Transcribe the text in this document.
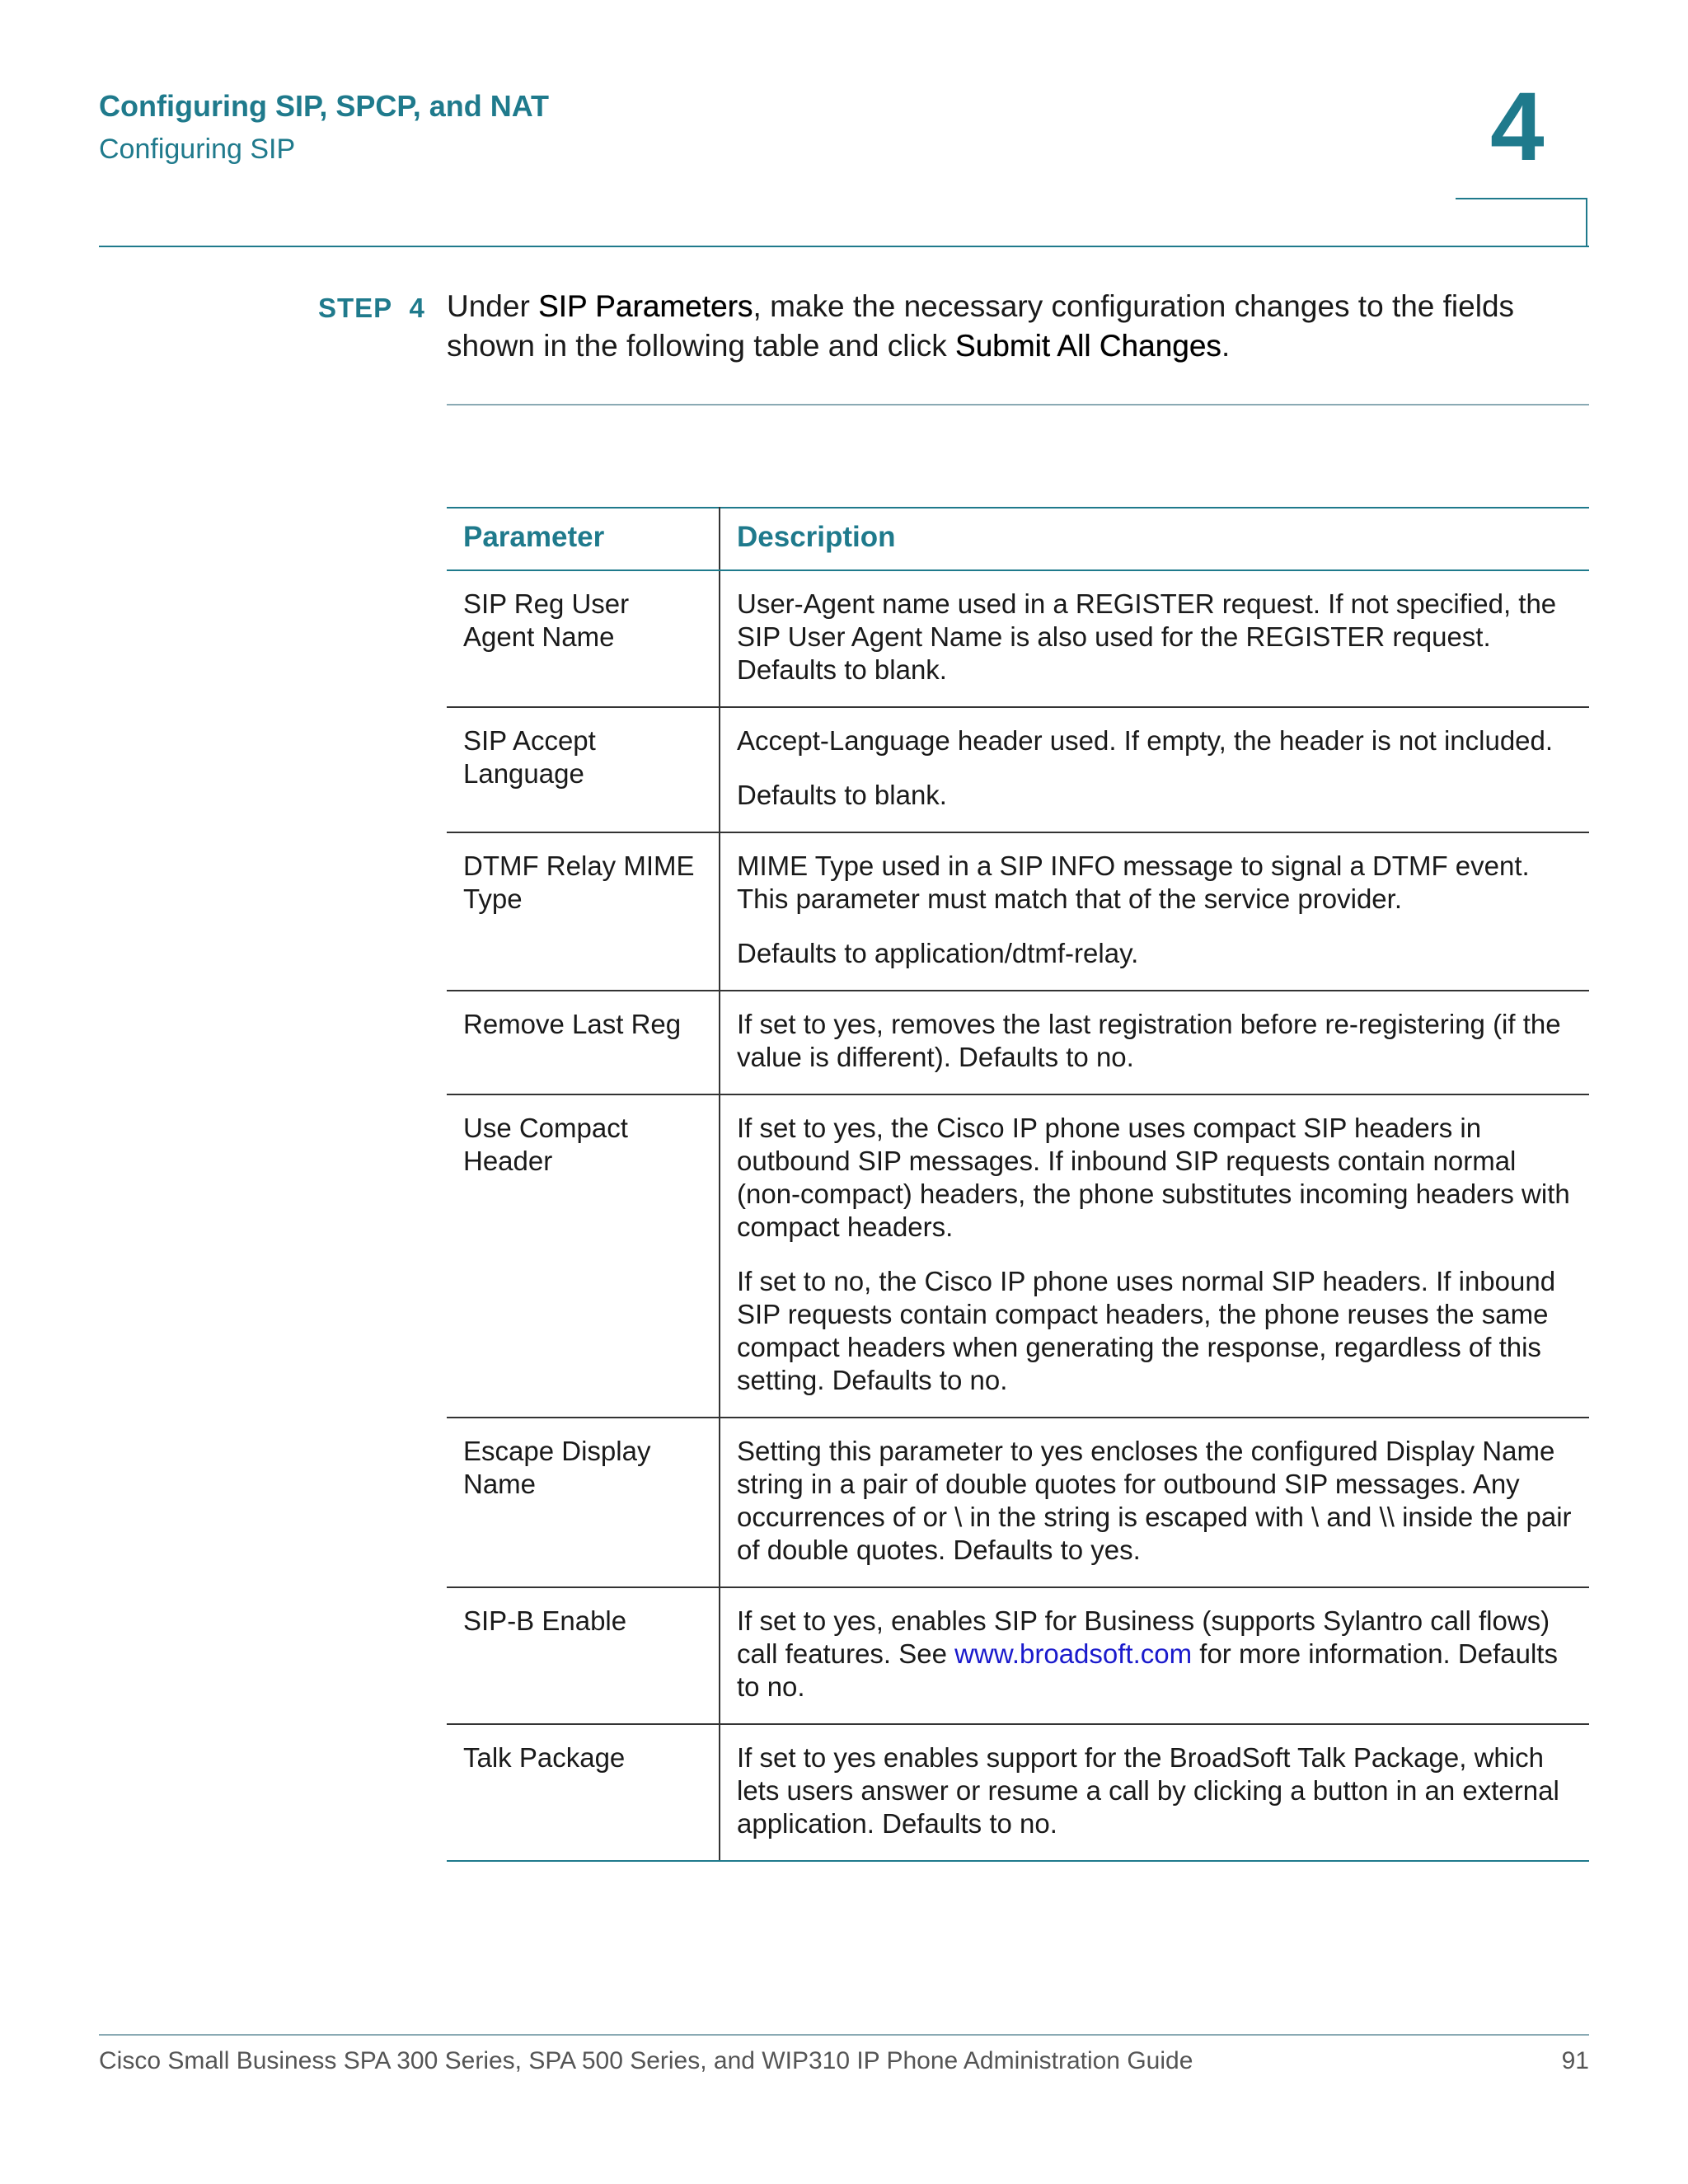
Configuring SIP, SPCP, and NAT
Configuring SIP	4
STEP 4 Under SIP Parameters, make the necessary configuration changes to the fields shown in the following table and click Submit All Changes.
Parameter	Description
SIP Reg User Agent Name	User-Agent name used in a REGISTER request. If not specified, the SIP User Agent Name is also used for the REGISTER request. Defaults to blank.

SIP Accept Language	Accept-Language header used. If empty, the header is not included.

Defaults to blank.

DTMF Relay MIME Type	MIME Type used in a SIP INFO message to signal a DTMF event. This parameter must match that of the service provider.

Defaults to application/dtmf-relay.

Remove Last Reg	If set to yes, removes the last registration before re-registering (if the value is different). Defaults to no.

Use Compact Header	If set to yes, the Cisco IP phone uses compact SIP headers in outbound SIP messages. If inbound SIP requests contain normal (non-compact) headers, the phone substitutes incoming headers with compact headers.

If set to no, the Cisco IP phone uses normal SIP headers. If inbound SIP requests contain compact headers, the phone reuses the same compact headers when generating the response, regardless of this setting. Defaults to no.

Escape Display Name	Setting this parameter to yes encloses the configured Display Name string in a pair of double quotes for outbound SIP messages. Any occurrences of or \ in the string is escaped with \ and \\ inside the pair of double quotes. Defaults to yes.

SIP-B Enable	If set to yes, enables SIP for Business (supports Sylantro call flows) call features. See www.broadsoft.com for more information. Defaults to no.

Talk Package	If set to yes enables support for the BroadSoft Talk Package, which lets users answer or resume a call by clicking a button in an external application. Defaults to no.

Cisco Small Business SPA 300 Series, SPA 500 Series, and WIP310 IP Phone Administration Guide	91
